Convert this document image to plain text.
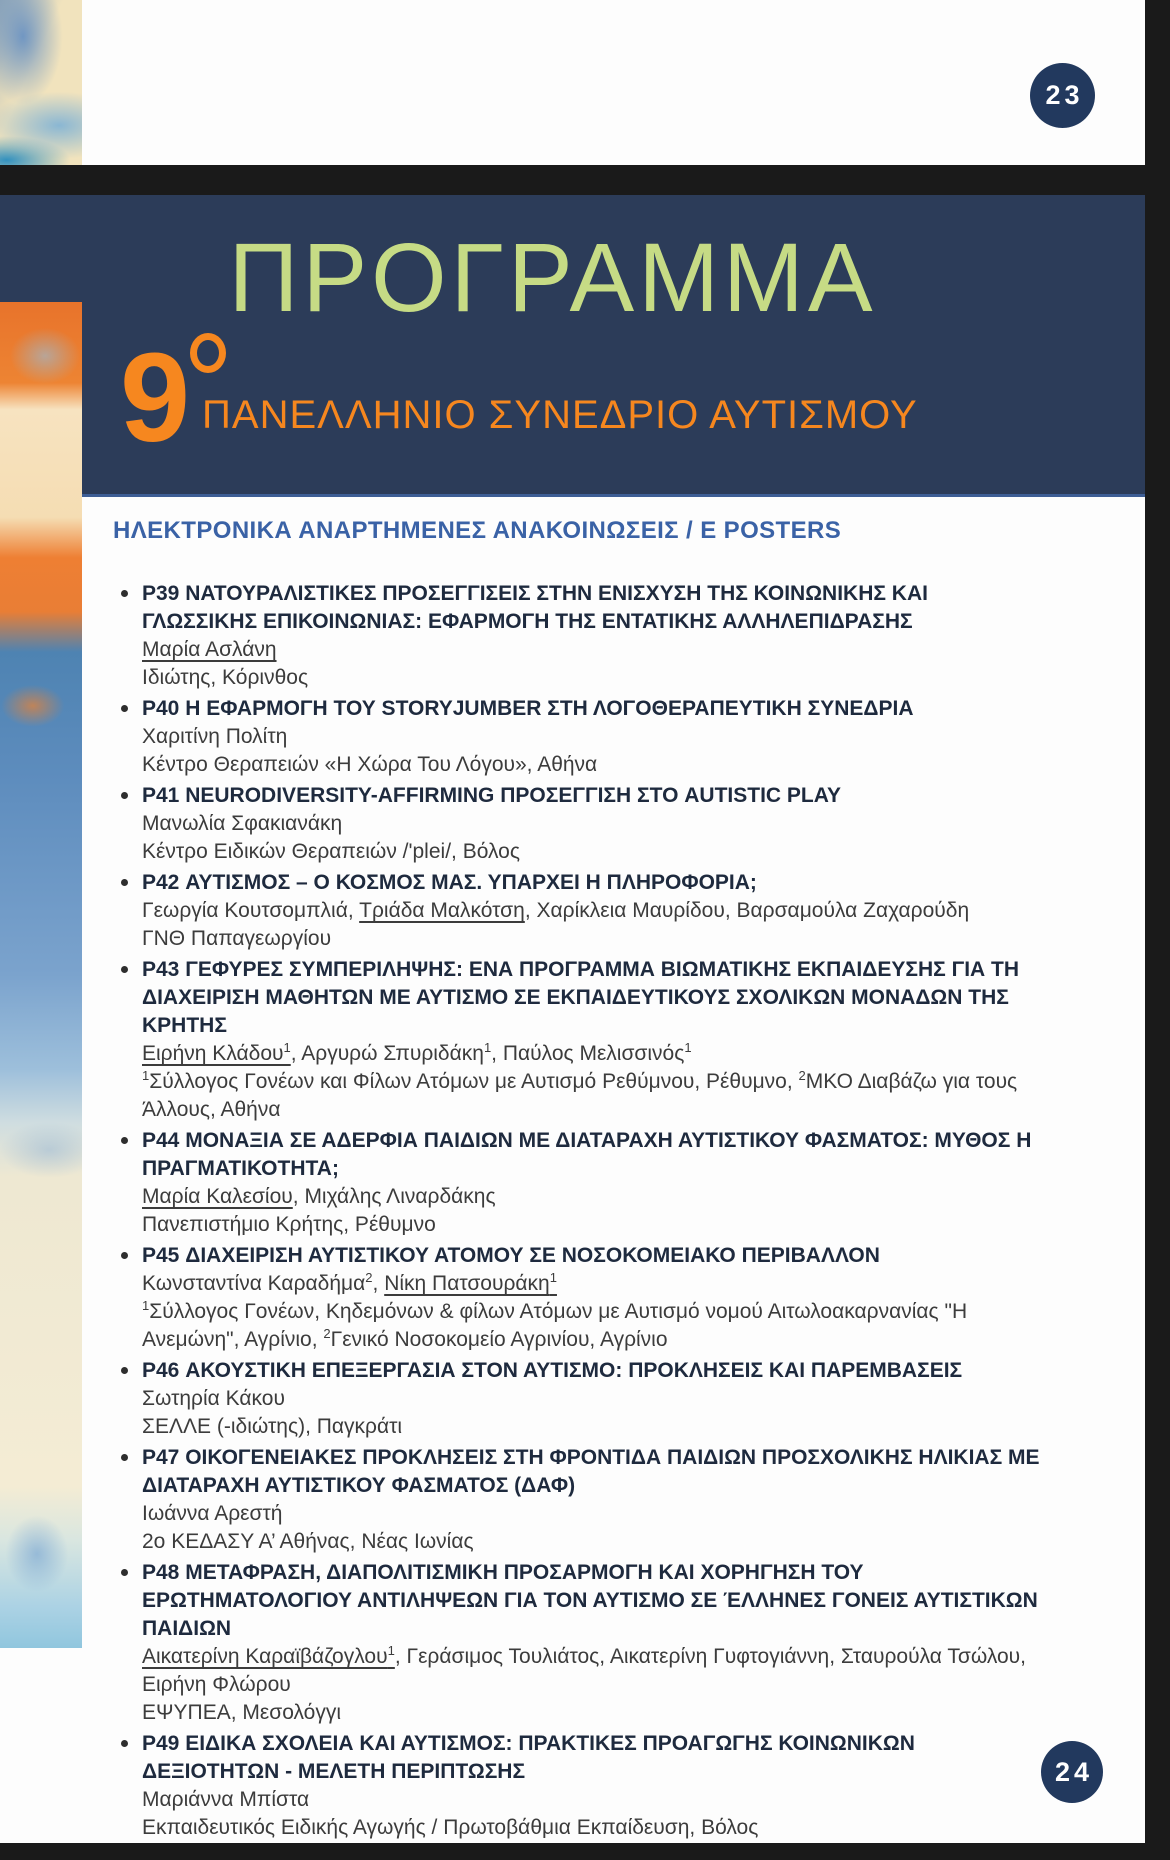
23
ΠΡΟΓΡΑΜΜΑ
9 ΠΑΝΕΛΛΗΝΙΟ ΣΥΝΕΔΡΙΟ ΑΥΤΙΣΜΟΥ
ΗΛΕΚΤΡΟΝΙΚΑ ΑΝΑΡΤΗΜΕΝΕΣ ΑΝΑΚΟΙΝΩΣΕΙΣ / E POSTERS
P39 ΝΑΤΟΥΡΑΛΙΣΤΙΚΕΣ ΠΡΟΣΕΓΓΙΣΕΙΣ ΣΤΗΝ ΕΝΙΣΧΥΣΗ ΤΗΣ ΚΟΙΝΩΝΙΚΗΣ ΚΑΙ ΓΛΩΣΣΙΚΗΣ ΕΠΙΚΟΙΝΩΝΙΑΣ: ΕΦΑΡΜΟΓΗ ΤΗΣ ΕΝΤΑΤΙΚΗΣ ΑΛΛΗΛΕΠΙΔΡΑΣΗΣ
Μαρία Ασλάνη
Ιδιώτης, Κόρινθος
P40 Η ΕΦΑΡΜΟΓΗ ΤΟΥ STORYJUMBER ΣΤΗ ΛΟΓΟΘΕΡΑΠΕΥΤΙΚΗ ΣΥΝΕΔΡΙΑ
Χαριτίνη Πολίτη
Κέντρο Θεραπειών «Η Χώρα Του Λόγου», Αθήνα
P41 NEURODIVERSITY-AFFIRMING ΠΡΟΣΕΓΓΙΣΗ ΣΤΟ AUTISTIC PLAY
Μανωλία Σφακιανάκη
Κέντρο Ειδικών Θεραπειών /'plei/, Βόλος
P42 ΑΥΤΙΣΜΟΣ – Ο ΚΟΣΜΟΣ ΜΑΣ. ΥΠΑΡΧΕΙ Η ΠΛΗΡΟΦΟΡΙΑ;
Γεωργία Κουτσομπλιά, Τριάδα Μαλκότση, Χαρίκλεια Μαυρίδου, Βαρσαμούλα Ζαχαρούδη
ΓΝΘ Παπαγεωργίου
P43 ΓΕΦΥΡΕΣ ΣΥΜΠΕΡΙΛΗΨΗΣ: ΕΝΑ ΠΡΟΓΡΑΜΜΑ ΒΙΩΜΑΤΙΚΗΣ ΕΚΠΑΙΔΕΥΣΗΣ ΓΙΑ ΤΗ ΔΙΑΧΕΙΡΙΣΗ ΜΑΘΗΤΩΝ ΜΕ ΑΥΤΙΣΜΟ ΣΕ ΕΚΠΑΙΔΕΥΤΙΚΟΥΣ ΣΧΟΛΙΚΩΝ ΜΟΝΑΔΩΝ ΤΗΣ ΚΡΗΤΗΣ
Ειρήνη Κλάδου$^1$, Αργυρώ Σπυριδάκη$^1$, Παύλος Μελισσινός$^1$
$^1$Σύλλογος Γονέων και Φίλων Ατόμων με Αυτισμό Ρεθύμνου, Ρέθυμνο, $^2$ΜΚΟ Διαβάζω για τους Άλλους, Αθήνα
P44 ΜΟΝΑΞΙΑ ΣΕ ΑΔΕΡΦΙΑ ΠΑΙΔΙΩΝ ΜΕ ΔΙΑΤΑΡΑΧΗ ΑΥΤΙΣΤΙΚΟΥ ΦΑΣΜΑΤΟΣ: ΜΥΘΟΣ Η ΠΡΑΓΜΑΤΙΚΟΤΗΤΑ;
Μαρία Καλεσίου, Μιχάλης Λιναρδάκης
Πανεπιστήμιο Κρήτης, Ρέθυμνο
P45 ΔΙΑΧΕΙΡΙΣΗ ΑΥΤΙΣΤΙΚΟΥ ΑΤΟΜΟΥ ΣΕ ΝΟΣΟΚΟΜΕΙΑΚΟ ΠΕΡΙΒΑΛΛΟΝ
Κωνσταντίνα Καραδήμα$^2$, Νίκη Πατσουράκη$^1$
$^1$Σύλλογος Γονέων, Κηδεμόνων & φίλων Ατόμων με Αυτισμό νομού Αιτωλοακαρνανίας "Η Ανεμώνη", Αγρίνιο, $^2$Γενικό Νοσοκομείο Αγρινίου, Αγρίνιο
P46 ΑΚΟΥΣΤΙΚΗ ΕΠΕΞΕΡΓΑΣΙΑ ΣΤΟΝ ΑΥΤΙΣΜΟ: ΠΡΟΚΛΗΣΕΙΣ ΚΑΙ ΠΑΡΕΜΒΑΣΕΙΣ
Σωτηρία Κάκου
ΣΕΛΛΕ (-ιδιώτης), Παγκράτι
P47 ΟΙΚΟΓΕΝΕΙΑΚΕΣ ΠΡΟΚΛΗΣΕΙΣ ΣΤΗ ΦΡΟΝΤΙΔΑ ΠΑΙΔΙΩΝ ΠΡΟΣΧΟΛΙΚΗΣ ΗΛΙΚΙΑΣ ΜΕ ΔΙΑΤΑΡΑΧΗ ΑΥΤΙΣΤΙΚΟΥ ΦΑΣΜΑΤΟΣ (ΔΑΦ)
Ιωάννα Αρεστή
2ο ΚΕΔΑΣΥ Α’ Αθήνας, Νέας Ιωνίας
P48 ΜΕΤΑΦΡΑΣΗ, ΔΙΑΠΟΛΙΤΙΣΜΙΚΗ ΠΡΟΣΑΡΜΟΓΗ ΚΑΙ ΧΟΡΗΓΗΣΗ ΤΟΥ ΕΡΩΤΗΜΑΤΟΛΟΓΙΟΥ ΑΝΤΙΛΗΨΕΩΝ ΓΙΑ ΤΟΝ ΑΥΤΙΣΜΟ ΣΕ ΈΛΛΗΝΕΣ ΓΟΝΕΙΣ ΑΥΤΙΣΤΙΚΩΝ ΠΑΙΔΙΩΝ
Αικατερίνη Καραϊβάζογλου$^1$, Γεράσιμος Τουλιάτος, Αικατερίνη Γυφτογιάννη, Σταυρούλα Τσώλου, Ειρήνη Φλώρου
ΕΨΥΠΕΑ, Μεσολόγγι
P49 ΕΙΔΙΚΑ ΣΧΟΛΕΙΑ ΚΑΙ ΑΥΤΙΣΜΟΣ: ΠΡΑΚΤΙΚΕΣ ΠΡΟΑΓΩΓΗΣ ΚΟΙΝΩΝΙΚΩΝ ΔΕΞΙΟΤΗΤΩΝ - ΜΕΛΕΤΗ ΠΕΡΙΠΤΩΣΗΣ
Μαριάννα Μπίστα
Εκπαιδευτικός Ειδικής Αγωγής / Πρωτοβάθμια Εκπαίδευση, Βόλος
24
